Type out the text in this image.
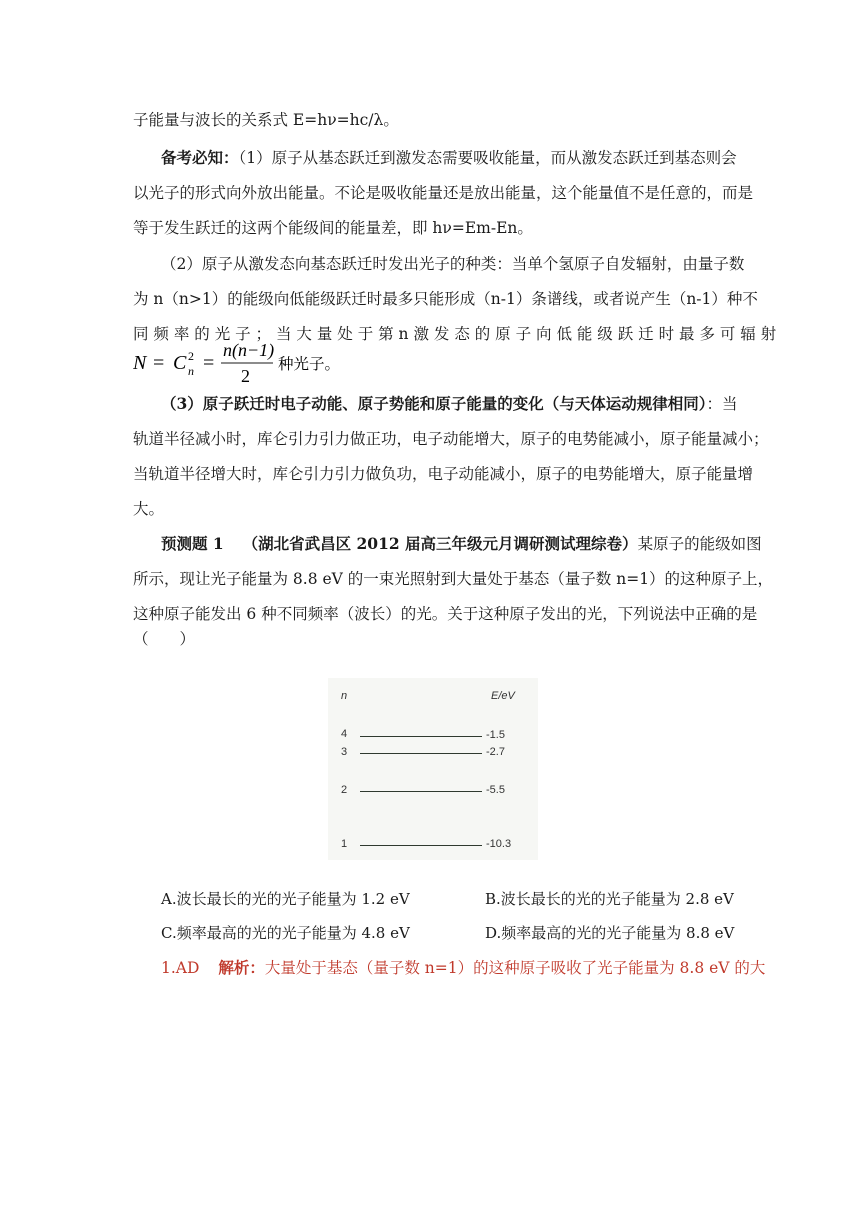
子能量与波长的关系式 E=hν=hc/λ。
备考必知：（1）原子从基态跃迁到激发态需要吸收能量，而从激发态跃迁到基态则会
以光子的形式向外放出能量。不论是吸收能量还是放出能量，这个能量值不是任意的，而是
等于发生跃迁的这两个能级间的能量差，即 hν=Em-En。
（2）原子从激发态向基态跃迁时发出光子的种类：当单个氢原子自发辐射，由量子数
为 n（n>1）的能级向低能级跃迁时最多只能形成（n-1）条谱线，或者说产生（n-1）种不
同 频 率 的 光 子 ； 当 大 量 处 于 第 n 激 发 态 的 原 子 向 低 能 级 跃 迁 时 最 多 可 辐 射
N = C 2
n =
n(n−1)
2
种光子。
（3）原子跃迁时电子动能、原子势能和原子能量的变化（与天体运动规律相同）：当
轨道半径减小时，库仑引力引力做正功，电子动能增大，原子的电势能减小，原子能量减小；
当轨道半径增大时，库仑引力引力做负功，电子动能减小，原子的电势能增大，原子能量增
大。
预测题 1 （湖北省武昌区 2012 届高三年级元月调研测试理综卷）某原子的能级如图
所示，现让光子能量为 8.8 eV 的一束光照射到大量处于基态（量子数 n=1）的这种原子上，
这种原子能发出 6 种不同频率（波长）的光。关于这种原子发出的光，下列说法中正确的是
（　　）
n	E/eV
4	-1.5
3	-2.7
2	-5.5
1	-10.3
A.波长最长的光的光子能量为 1.2 eV	B.波长最长的光的光子能量为 2.8 eV
C.频率最高的光的光子能量为 4.8 eV	D.频率最高的光的光子能量为 8.8 eV
1.AD 解析：大量处于基态（量子数 n=1）的这种原子吸收了光子能量为 8.8 eV 的大
